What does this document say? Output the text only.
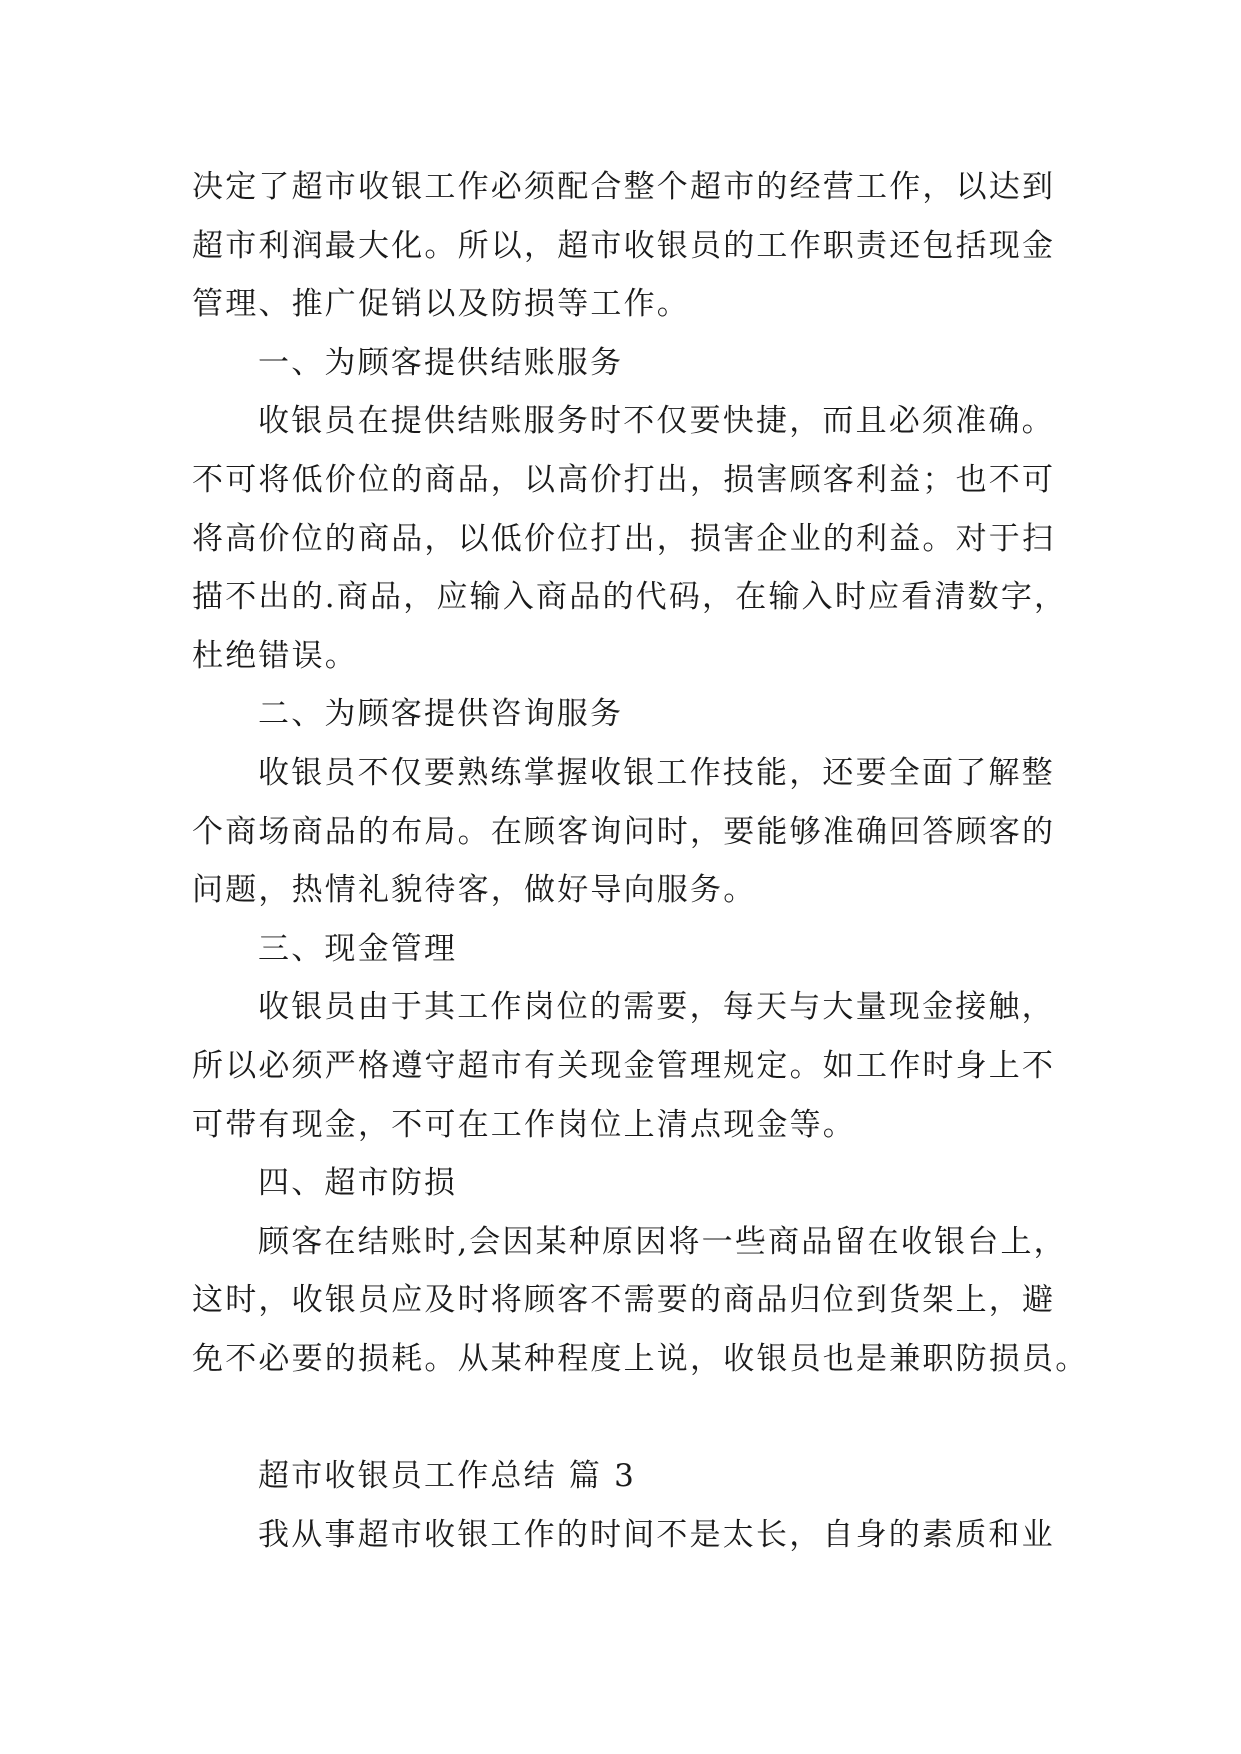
决定了超市收银工作必须配合整个超市的经营工作，以达到

超市利润最大化。所以，超市收银员的工作职责还包括现金

管理、推广促销以及防损等工作。

一、为顾客提供结账服务

收银员在提供结账服务时不仅要快捷，而且必须准确。

不可将低价位的商品，以高价打出，损害顾客利益；也不可

将高价位的商品，以低价位打出，损害企业的利益。对于扫

描不出的.商品，应输入商品的代码，在输入时应看清数字，

杜绝错误。

二、为顾客提供咨询服务

收银员不仅要熟练掌握收银工作技能，还要全面了解整

个商场商品的布局。在顾客询问时，要能够准确回答顾客的

问题，热情礼貌待客，做好导向服务。

三、现金管理

收银员由于其工作岗位的需要，每天与大量现金接触，

所以必须严格遵守超市有关现金管理规定。如工作时身上不

可带有现金，不可在工作岗位上清点现金等。

四、超市防损

顾客在结账时,会因某种原因将一些商品留在收银台上，

这时，收银员应及时将顾客不需要的商品归位到货架上，避

免不必要的损耗。从某种程度上说，收银员也是兼职防损员。

超市收银员工作总结 篇 3

我从事超市收银工作的时间不是太长，自身的素质和业
